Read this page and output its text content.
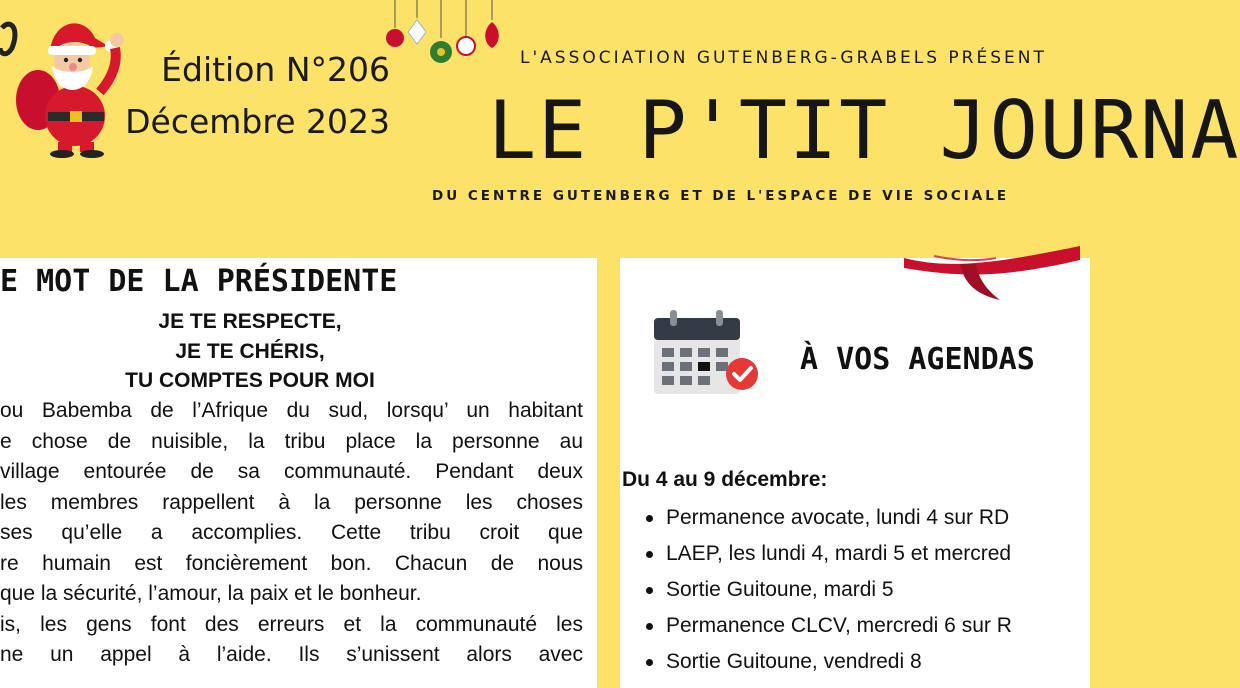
Édition N°206
Décembre 2023
L'ASSOCIATION GUTENBERG-GRABELS PRÉSENT
LE P'TIT JOURNA
DU CENTRE GUTENBERG ET DE L'ESPACE DE VIE SOCIALE
E MOT DE LA PRÉSIDENTE
JE TE RESPECTE,
JE TE CHÉRIS,
TU COMPTES POUR MOI
ou Babemba de l’Afrique du sud, lorsqu’ un habitant
e chose de nuisible, la tribu place la personne au
village entourée de sa communauté. Pendant deux
les membres rappellent à la personne les choses
ses qu’elle a accomplies. Cette tribu croit que
re humain est foncièrement bon. Chacun de nous
que la sécurité, l’amour, la paix et le bonheur.
is, les gens font des erreurs et la communauté les
ne un appel à l’aide. Ils s’unissent alors avec
À VOS AGENDAS
Du 4 au 9 décembre:
Permanence avocate, lundi 4 sur RD
LAEP, les lundi 4, mardi 5 et mercred
Sortie Guitoune, mardi 5
Permanence CLCV, mercredi 6 sur R
Sortie Guitoune, vendredi 8
